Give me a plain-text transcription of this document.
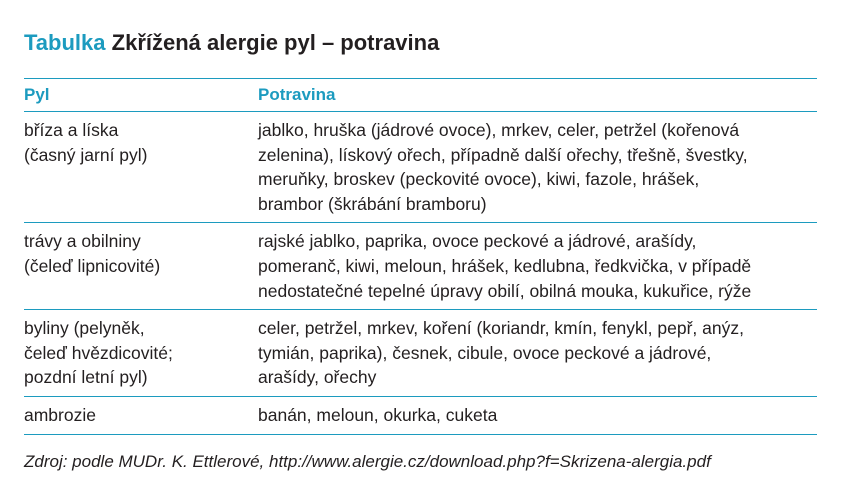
Tabulka Zkřížená alergie pyl – potravina
Pyl	Potravina
bříza a líska
(časný jarní pyl)
jablko, hruška (jádrové ovoce), mrkev, celer, petržel (kořenová
zelenina), lískový ořech, případně další ořechy, třešně, švestky,
meruňky, broskev (peckovité ovoce), kiwi, fazole, hrášek,
brambor (škrábání bramboru)
trávy a obilniny
(čeleď lipnicovité)
rajské jablko, paprika, ovoce peckové a jádrové, arašídy,
pomeranč, kiwi, meloun, hrášek, kedlubna, ředkvička, v případě
nedostatečné tepelné úpravy obilí, obilná mouka, kukuřice, rýže
byliny (pelyněk,
čeleď hvězdicovité;
pozdní letní pyl)
celer, petržel, mrkev, koření (koriandr, kmín, fenykl, pepř, anýz,
tymián, paprika), česnek, cibule, ovoce peckové a jádrové,
arašídy, ořechy
ambrozie	banán, meloun, okurka, cuketa
Zdroj: podle MUDr. K. Ettlerové, http://www.alergie.cz/download.php?f=Skrizena-alergia.pdf
